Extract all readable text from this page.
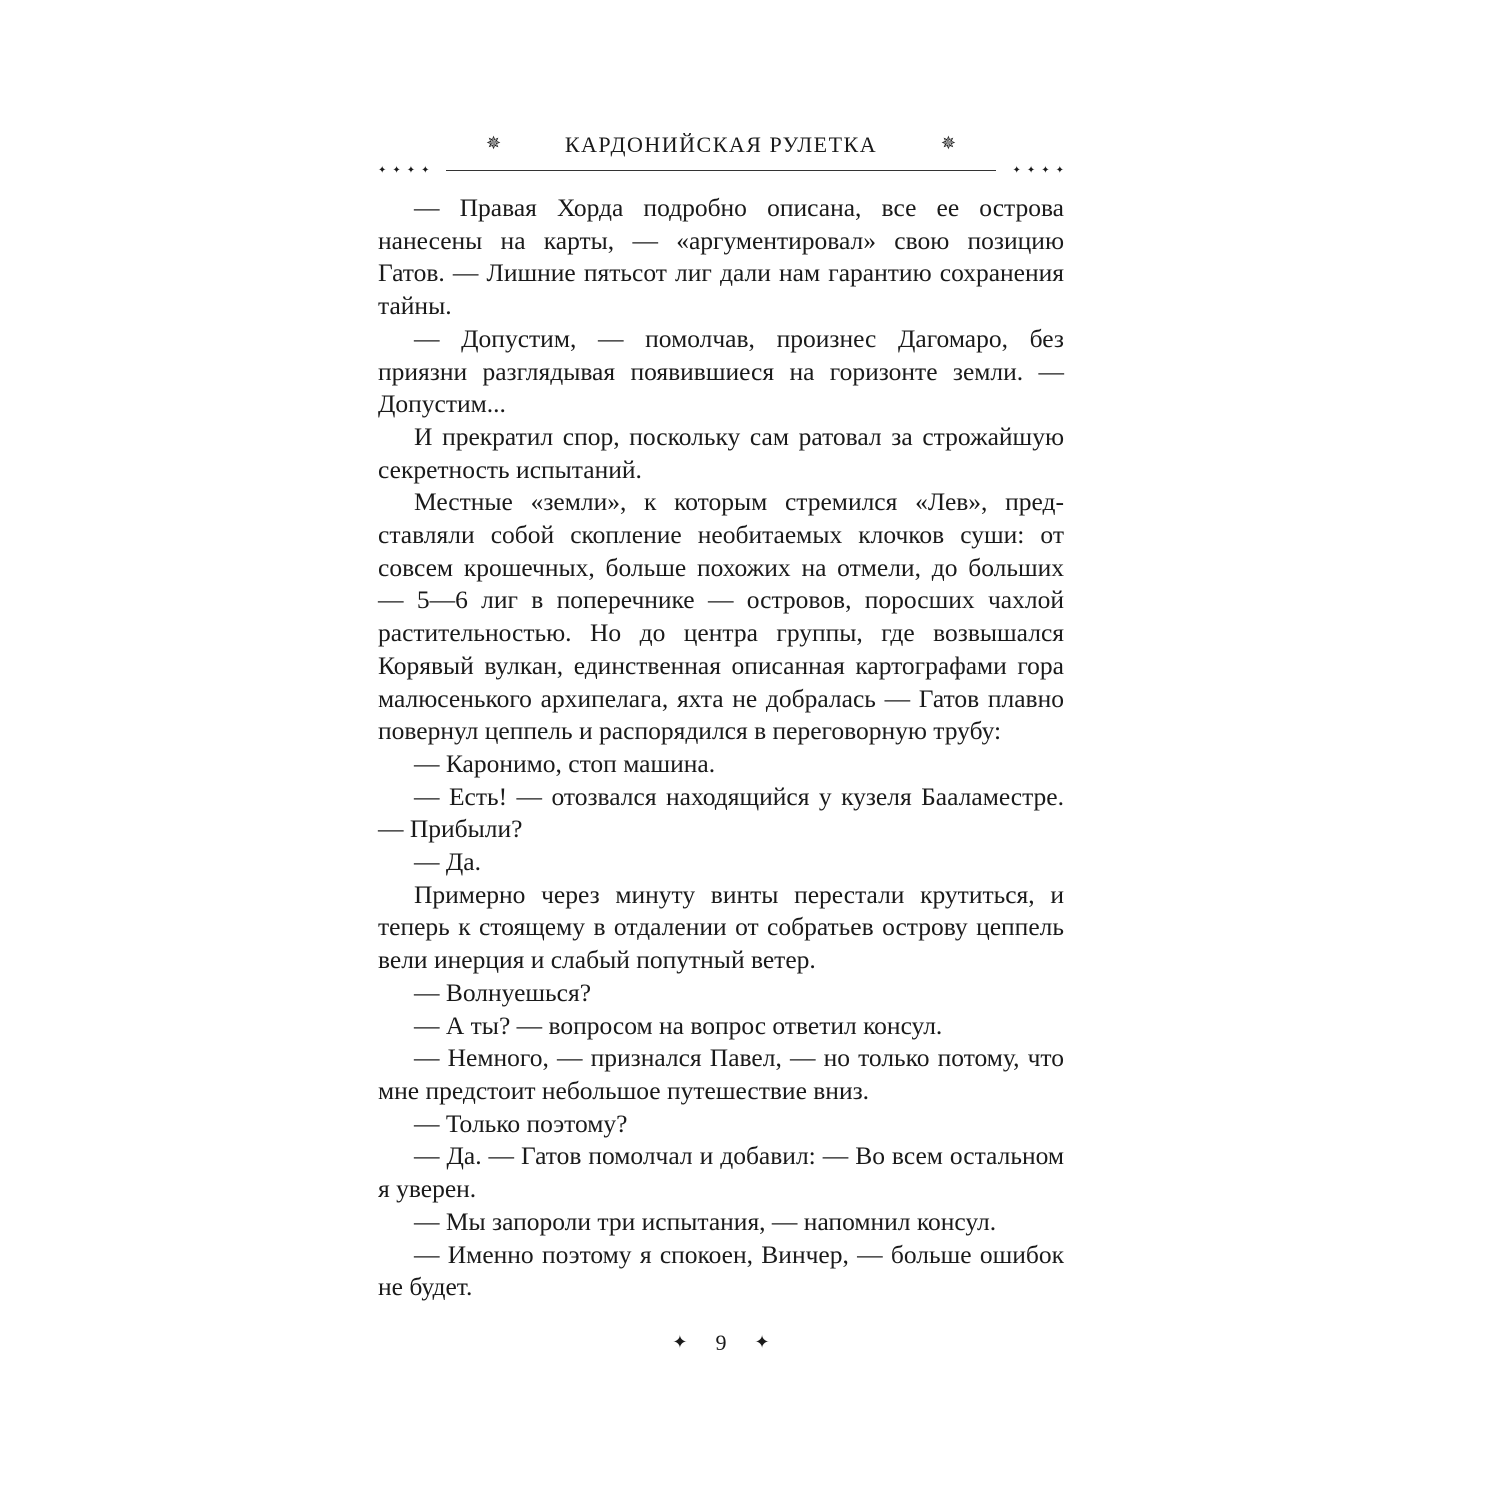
✵	КАРДОНИЙСКАЯ РУЛЕТКА	✵
✦✦✦✦	✦✦✦✦

— Правая Хорда подробно описана, все ее острова нанесены на карты, — «аргументировал» свою позицию Гатов. — Лишние пятьсот лиг дали нам гарантию сохранения тайны.

— Допустим, — помолчав, произнес Дагомаро, без приязни разглядывая появившиеся на горизонте земли. — Допустим...

И прекратил спор, поскольку сам ратовал за строжайшую секретность испытаний.

Местные «земли», к которым стремился «Лев», представляли собой скопление необитаемых клочков суши: от совсем крошечных, больше похожих на отмели, до больших — 5—6 лиг в поперечнике — островов, поросших чахлой растительностью. Но до центра группы, где возвышался Корявый вулкан, единственная описанная картографами гора малюсенького архипелага, яхта не добралась — Гатов плавно повернул цеппель и распорядился в переговорную трубу:

— Каронимо, стоп машина.

— Есть! — отозвался находящийся у кузеля Бааламестре. — Прибыли?

— Да.

Примерно через минуту винты перестали крутиться, и теперь к стоящему в отдалении от собратьев острову цеппель вели инерция и слабый попутный ветер.

— Волнуешься?

— А ты? — вопросом на вопрос ответил консул.

— Немного, — признался Павел, — но только потому, что мне предстоит небольшое путешествие вниз.

— Только поэтому?

— Да. — Гатов помолчал и добавил: — Во всем остальном я уверен.

— Мы запороли три испытания, — напомнил консул.

— Именно поэтому я спокоен, Винчер, — больше ошибок не будет.

✦ 9 ✦
